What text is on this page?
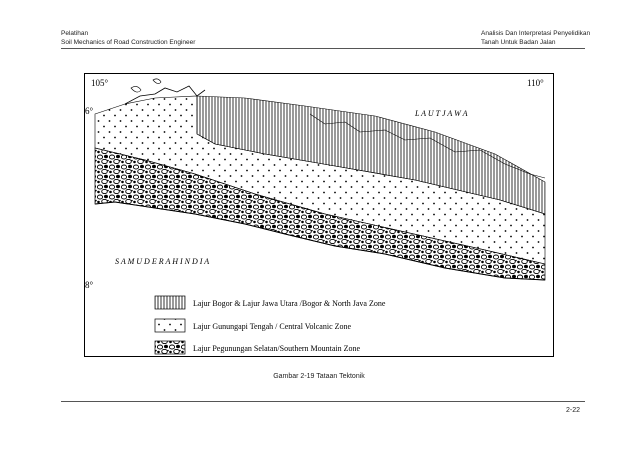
Pelatihan
Soil Mechanics of Road Construction Engineer
Analisis Dan Interpretasi Penyelidikan
Tanah Untuk Badan Jalan
105°	110°
6°
8°
L A U T J A W A
S A M U D E R A H I N D I A
Lajur Bogor & Lajur Jawa Utara /Bogor & North Java Zone
Lajur Gunungapi Tengah / Central Volcanic Zone
Lajur Pegunungan Selatan/Southern Mountain Zone
Gambar 2-19 Tataan Tektonik
2-22
